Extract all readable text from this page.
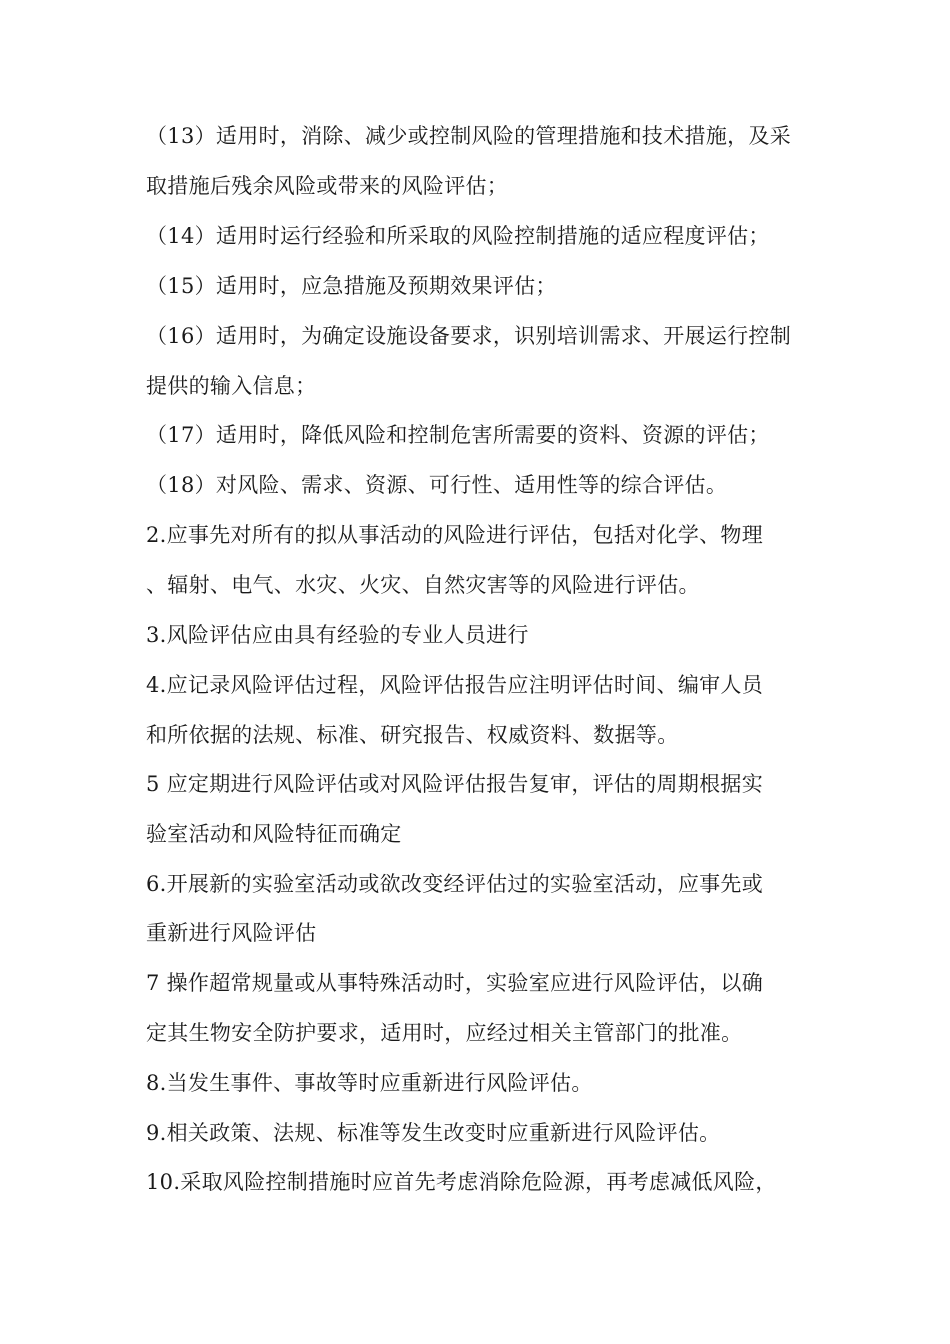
（13）适用时，消除、减少或控制风险的管理措施和技术措施，及采
取措施后残余风险或带来的风险评估；
（14）适用时运行经验和所采取的风险控制措施的适应程度评估；
（15）适用时，应急措施及预期效果评估；
（16）适用时，为确定设施设备要求，识别培训需求、开展运行控制
提供的输入信息；
（17）适用时，降低风险和控制危害所需要的资料、资源的评估；
（18）对风险、需求、资源、可行性、适用性等的综合评估。
2.应事先对所有的拟从事活动的风险进行评估，包括对化学、物理
、辐射、电气、水灾、火灾、自然灾害等的风险进行评估。
3.风险评估应由具有经验的专业人员进行
4.应记录风险评估过程，风险评估报告应注明评估时间、编审人员
和所依据的法规、标准、研究报告、权威资料、数据等。
5 应定期进行风险评估或对风险评估报告复审，评估的周期根据实
验室活动和风险特征而确定
6.开展新的实验室活动或欲改变经评估过的实验室活动，应事先或
重新进行风险评估
7 操作超常规量或从事特殊活动时，实验室应进行风险评估，以确
定其生物安全防护要求，适用时，应经过相关主管部门的批准。
8.当发生事件、事故等时应重新进行风险评估。
9.相关政策、法规、标准等发生改变时应重新进行风险评估。
10.采取风险控制措施时应首先考虑消除危险源，再考虑减低风险，
